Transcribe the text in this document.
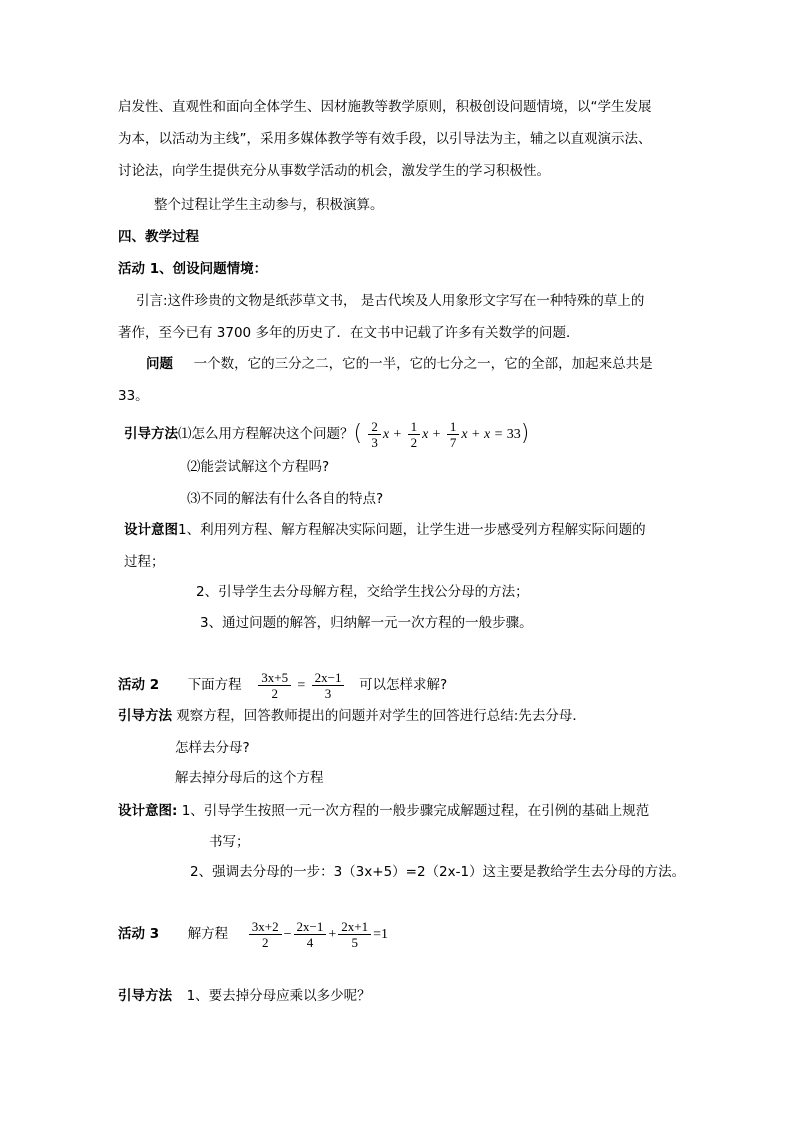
启发性、直观性和面向全体学生、因材施教等教学原则，积极创设问题情境，以“学生发展
为本，以活动为主线”，采用多媒体教学等有效手段，以引导法为主，辅之以直观演示法、
讨论法，向学生提供充分从事数学活动的机会，激发学生的学习积极性。
整个过程让学生主动参与，积极演算。
四、教学过程
活动 1、创设问题情境：
引言:这件珍贵的文物是纸莎草文书， 是古代埃及人用象形文字写在一种特殊的草上的
著作，至今已有 3700 多年的历史了．在文书中记载了许多有关数学的问题．
问题 一个数，它的三分之二，它的一半，它的七分之一，它的全部，加起来总共是
33。
引导方法⑴怎么用方程解决这个问题？( $\frac{2}{3}$ $x + \frac{1}{2}$ $x + \frac{1}{7}$ x + x = 33)
⑵能尝试解这个方程吗?
⑶不同的解法有什么各自的特点?
设计意图1、利用列方程、解方程解决实际问题，让学生进一步感受列方程解实际问题的
过程；
2、引导学生去分母解方程，交给学生找公分母的方法；
3、通过问题的解答，归纳解一元一次方程的一般步骤。
活动 2 下面方程 $\frac{3x+5}{2} = \frac{2x-1}{3}$ 可以怎样求解?
引导方法 观察方程，回答教师提出的问题并对学生的回答进行总结:先去分母．
怎样去分母?
解去掉分母后的这个方程
设计意图: 1、引导学生按照一元一次方程的一般步骤完成解题过程，在引例的基础上规范
书写；
2、强调去分母的一步：3（3x+5）=2（2x-1）这主要是教给学生去分母的方法。
活动 3 解方程 $\frac{3x+2}{2} - \frac{2x-1}{4} + \frac{2x+1}{5} =1$
引导方法 1、要去掉分母应乘以多少呢？
